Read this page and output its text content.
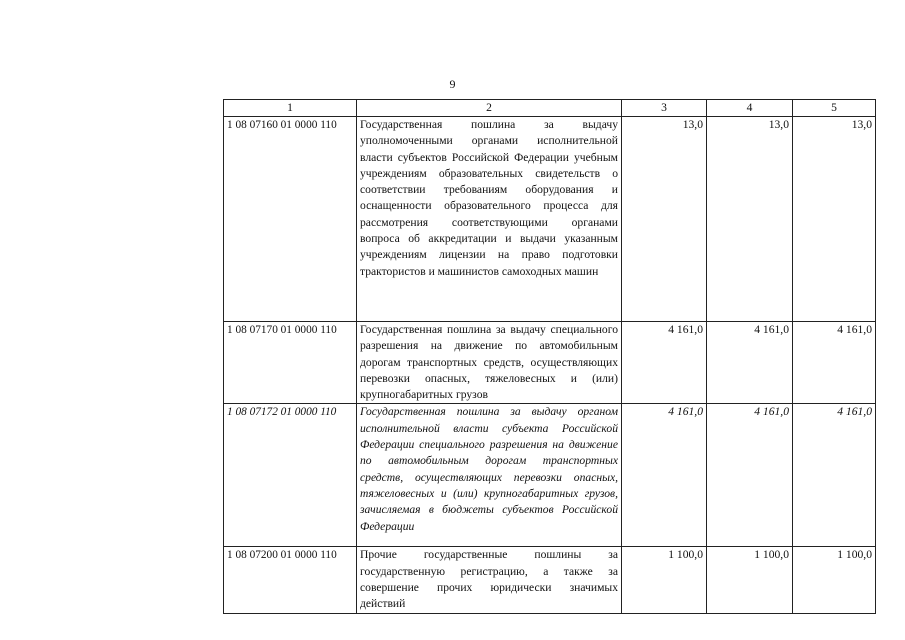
9
1	2	3	4	5
1 08 07160 01 0000 110	Государственная пошлина за выдачу уполномоченными органами исполнительной власти субъектов Российской Федерации учебным учреждениям образовательных свидетельств о соответствии требованиям оборудования и оснащенности образовательного процесса для рассмотрения соответствующими органами вопроса об аккредитации и выдачи указанным учреждениям лицензии на право подготовки трактористов и машинистов самоходных машин	13,0	13,0	13,0
1 08 07170 01 0000 110	Государственная пошлина за выдачу специального разрешения на движение по автомобильным дорогам транспортных средств, осуществляющих перевозки опасных, тяжеловесных и (или) крупногабаритных грузов	4 161,0	4 161,0	4 161,0
1 08 07172 01 0000 110	Государственная пошлина за выдачу органом исполнительной власти субъекта Российской Федерации специального разрешения на движение по автомобильным дорогам транспортных средств, осуществляющих перевозки опасных, тяжеловесных и (или) крупногабаритных грузов, зачисляемая в бюджеты субъектов Российской Федерации	4 161,0	4 161,0	4 161,0
1 08 07200 01 0000 110	Прочие государственные пошлины за государственную регистрацию, а также за совершение прочих юридически значимых действий	1 100,0	1 100,0	1 100,0
